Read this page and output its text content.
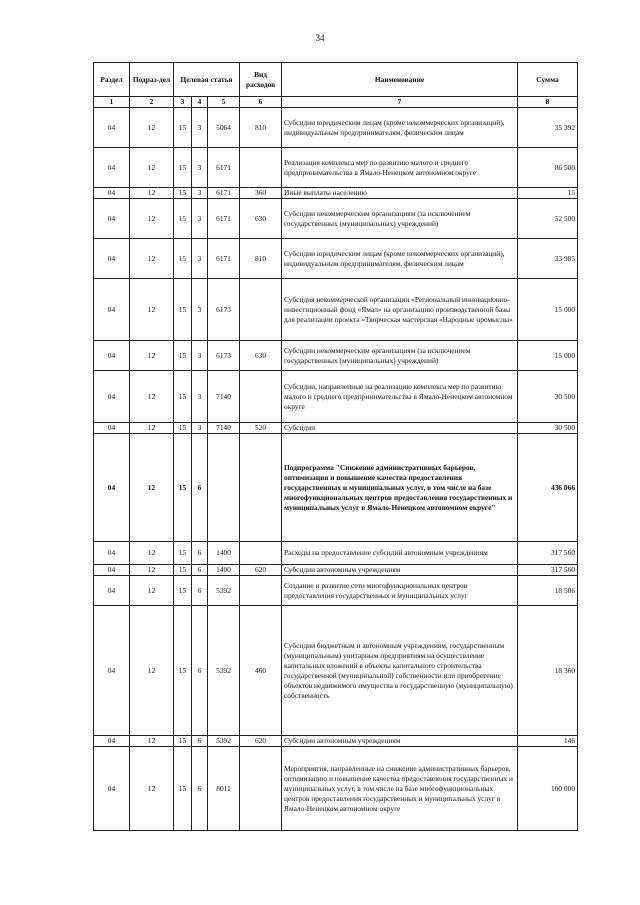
34
Раздел	Подраз-дел	Целевая статья			Вид расходов	Наименование	Сумма
1	2	3	4	5	6	7	8
04	12	15	3	5064	810	Субсидии юридическим лицам (кроме некоммерческих организаций), индивидуальным предпринимателям, физическим лицам	35 392
04	12	15	3	6171		Реализация комплекса мер по развитию малого и среднего предпринимательства в Ямало-Ненецком автономном округе	86 500
04	12	15	3	6171	360	Иные выплаты населению	15
04	12	15	3	6171	630	Субсидии некоммерческим организациям (за исключением государственных (муниципальных) учреждений)	52 500
04	12	15	3	6171	810	Субсидии юридическим лицам (кроме некоммерческих организаций), индивидуальным предпринимателям, физическим лицам	33 985
04	12	15	3	6173		Субсидия некоммерческой организации «Региональный инновационно-инвестиционный фонд «Ямал» на организацию производственной базы для реализации проекта «Творческая мастерская «Народные промыслы»	15 000
04	12	15	3	6173	630	Субсидии некоммерческим организациям (за исключением государственных (муниципальных) учреждений)	15 000
04	12	15	3	7140		Субсидии, направленные на реализацию комплекса мер по развитию малого и среднего предпринимательства в Ямало-Ненецком автономном округе	30 500
04	12	15	3	7140	520	Субсидии	30 500
04	12	15	6			Подпрограмма "Снижение административных барьеров, оптимизация и повышение качества предоставления государственных и муниципальных услуг, в том числе на базе многофункциональных центров предоставления государственных и муниципальных услуг в Ямало-Ненецком автономном округе"	436 066
04	12	15	6	1400		Расходы на предоставление субсидий автономным учреждениям	317 560
04	12	15	6	1400	620	Субсидии автономным учреждениям	317 560
04	12	15	6	5392		Создание и развитие сети многофункциональных центров предоставления государственных и муниципальных услуг	18 506
04	12	15	6	5392	460	Субсидии бюджетным и автономным учреждениям, государственным (муниципальным) унитарным предприятиям на осуществление капитальных вложений в объекты капитального строительства государственной (муниципальной) собственности или приобретение объектов недвижимого имущества в государственную (муниципальную) собственность	18 360
04	12	15	6	5392	620	Субсидии автономным учреждениям	146
04	12	15	6	8011		Мероприятия, направленные на снижение административных барьеров, оптимизацию и повышение качества предоставления государственных и муниципальных услуг, в том числе на базе многофункциональных центров предоставления государственных и муниципальных услуг в Ямало-Ненецком автономном округе	100 000
